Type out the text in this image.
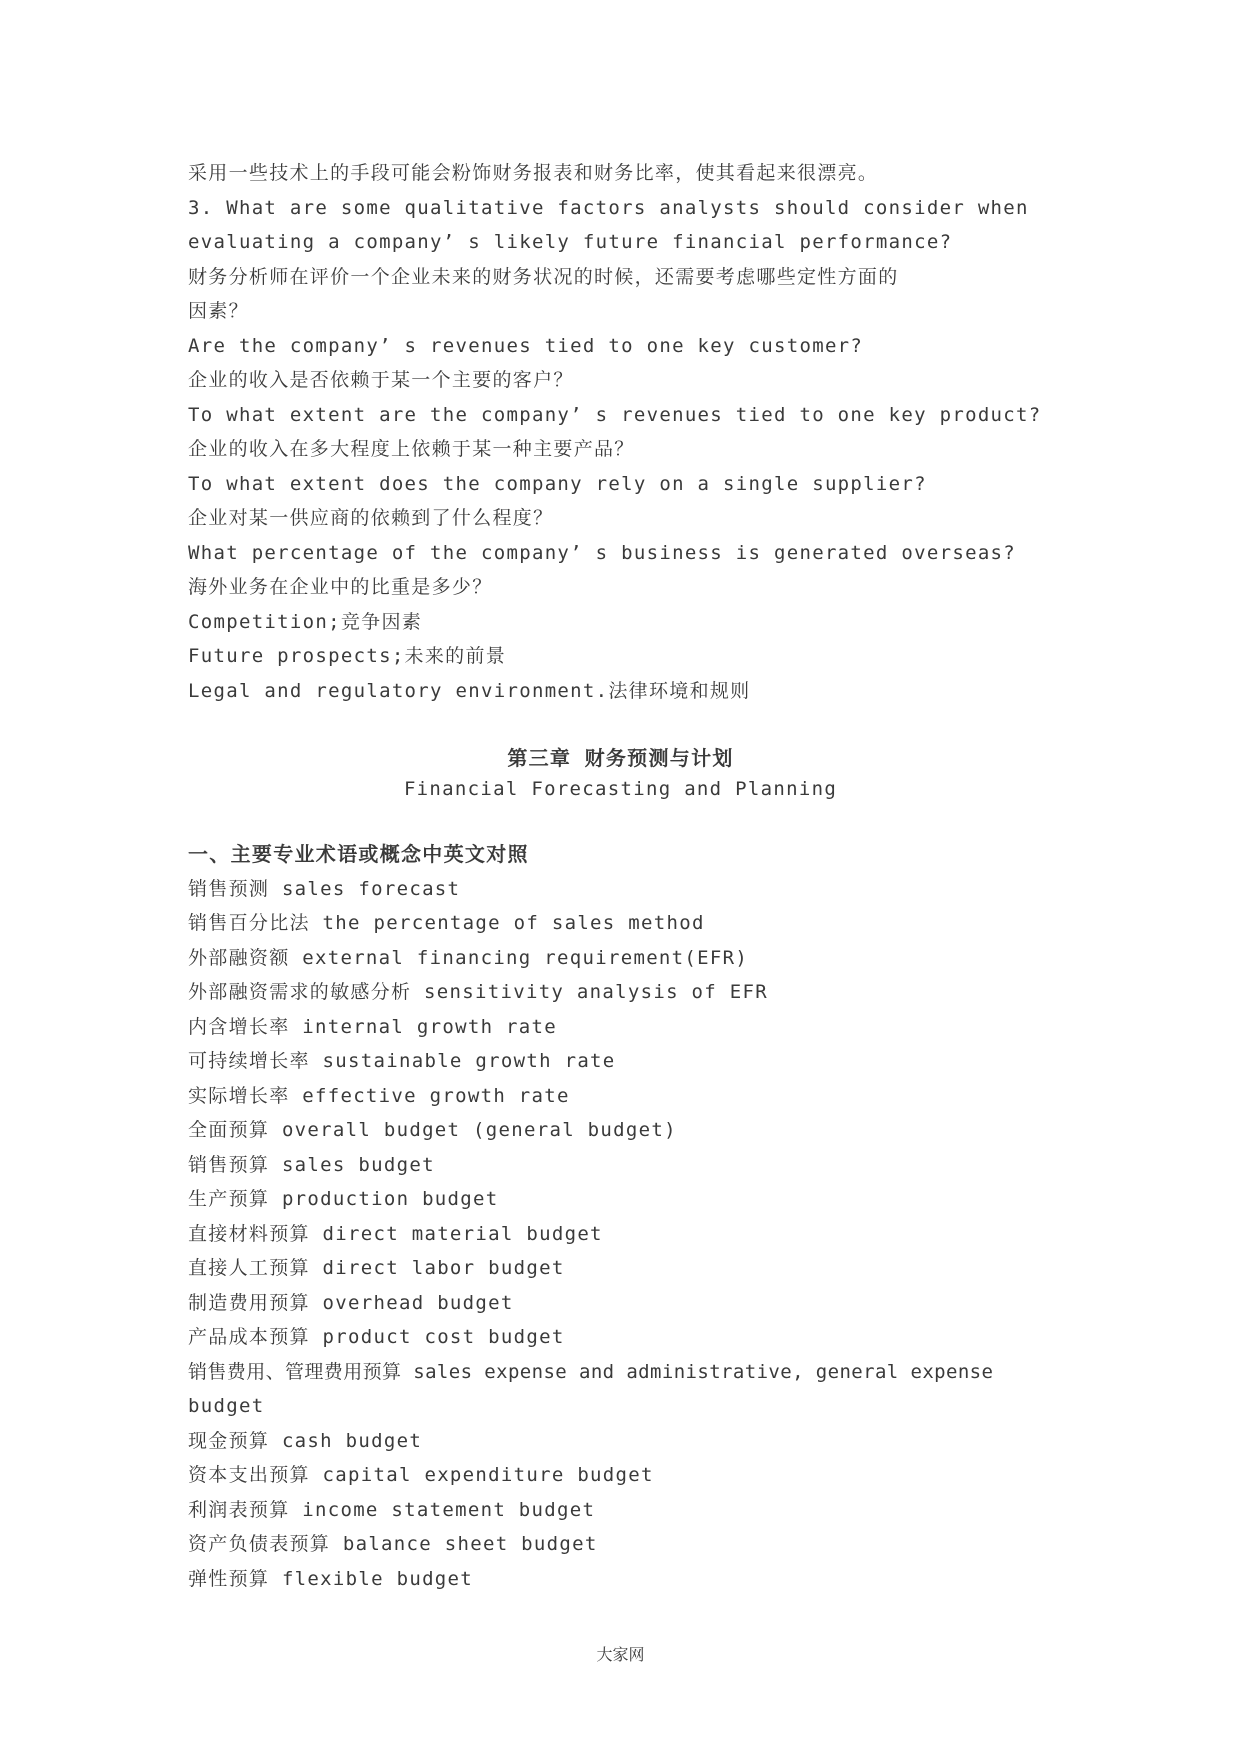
采用一些技术上的手段可能会粉饰财务报表和财务比率，使其看起来很漂亮。
3. What are some qualitative factors analysts should consider when
evaluating a company’ s likely future financial performance?
财务分析师在评价一个企业未来的财务状况的时候，还需要考虑哪些定性方面的
因素？
Are the company’ s revenues tied to one key customer?
企业的收入是否依赖于某一个主要的客户？
To what extent are the company’ s revenues tied to one key product?
企业的收入在多大程度上依赖于某一种主要产品？
To what extent does the company rely on a single supplier?
企业对某一供应商的依赖到了什么程度？
What percentage of the company’ s business is generated overseas?
海外业务在企业中的比重是多少？
Competition;竞争因素
Future prospects;未来的前景
Legal and regulatory environment.法律环境和规则
第三章 财务预测与计划
Financial Forecasting and Planning
一、主要专业术语或概念中英文对照
销售预测 sales forecast
销售百分比法 the percentage of sales method
外部融资额 external financing requirement(EFR)
外部融资需求的敏感分析 sensitivity analysis of EFR
内含增长率 internal growth rate
可持续增长率 sustainable growth rate
实际增长率 effective growth rate
全面预算 overall budget (general budget)
销售预算 sales budget
生产预算 production budget
直接材料预算 direct material budget
直接人工预算 direct labor budget
制造费用预算 overhead budget
产品成本预算 product cost budget
销售费用、管理费用预算 sales expense and administrative, general expense
budget
现金预算 cash budget
资本支出预算 capital expenditure budget
利润表预算 income statement budget
资产负债表预算 balance sheet budget
弹性预算 flexible budget
大家网
